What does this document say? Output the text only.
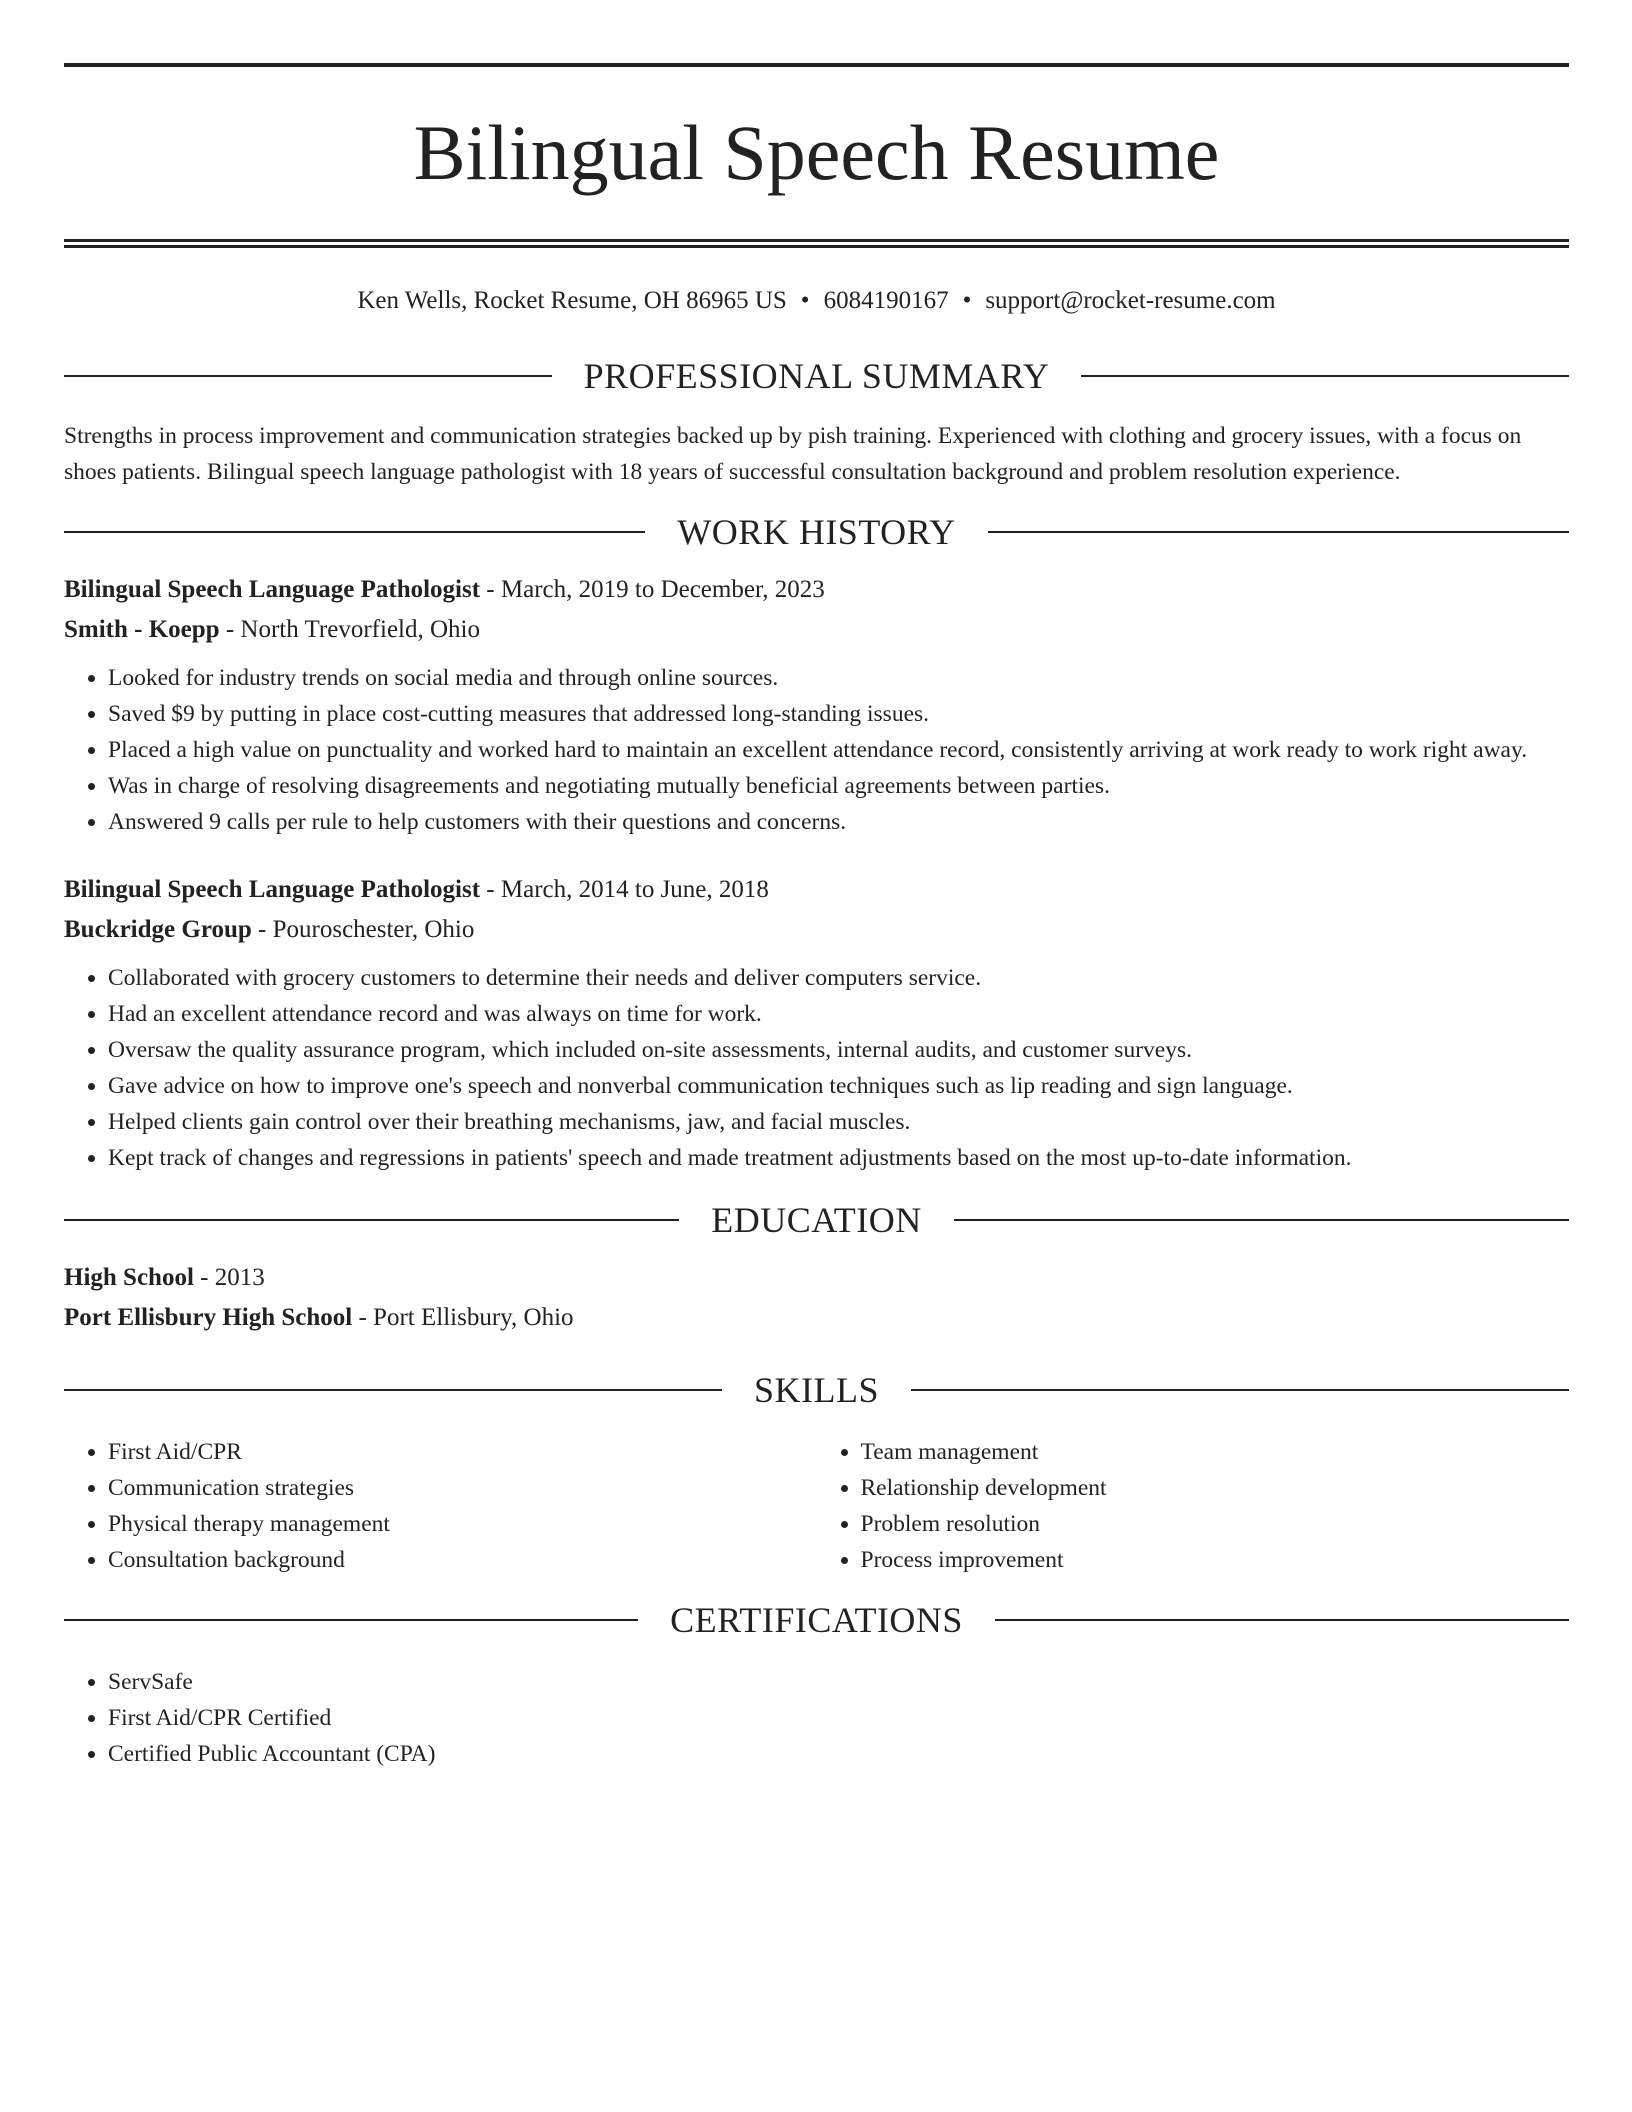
Bilingual Speech Resume
Ken Wells, Rocket Resume, OH 86965 US • 6084190167 • support@rocket-resume.com
PROFESSIONAL SUMMARY
Strengths in process improvement and communication strategies backed up by pish training. Experienced with clothing and grocery issues, with a focus on shoes patients. Bilingual speech language pathologist with 18 years of successful consultation background and problem resolution experience.
WORK HISTORY
Bilingual Speech Language Pathologist - March, 2019 to December, 2023
Smith - Koepp - North Trevorfield, Ohio
• Looked for industry trends on social media and through online sources.
• Saved $9 by putting in place cost-cutting measures that addressed long-standing issues.
• Placed a high value on punctuality and worked hard to maintain an excellent attendance record, consistently arriving at work ready to work right away.
• Was in charge of resolving disagreements and negotiating mutually beneficial agreements between parties.
• Answered 9 calls per rule to help customers with their questions and concerns.
Bilingual Speech Language Pathologist - March, 2014 to June, 2018
Buckridge Group - Pouroschester, Ohio
• Collaborated with grocery customers to determine their needs and deliver computers service.
• Had an excellent attendance record and was always on time for work.
• Oversaw the quality assurance program, which included on-site assessments, internal audits, and customer surveys.
• Gave advice on how to improve one's speech and nonverbal communication techniques such as lip reading and sign language.
• Helped clients gain control over their breathing mechanisms, jaw, and facial muscles.
• Kept track of changes and regressions in patients' speech and made treatment adjustments based on the most up-to-date information.
EDUCATION
High School - 2013
Port Ellisbury High School - Port Ellisbury, Ohio
SKILLS
• First Aid/CPR
• Communication strategies
• Physical therapy management
• Consultation background
• Team management
• Relationship development
• Problem resolution
• Process improvement
CERTIFICATIONS
• ServSafe
• First Aid/CPR Certified
• Certified Public Accountant (CPA)
